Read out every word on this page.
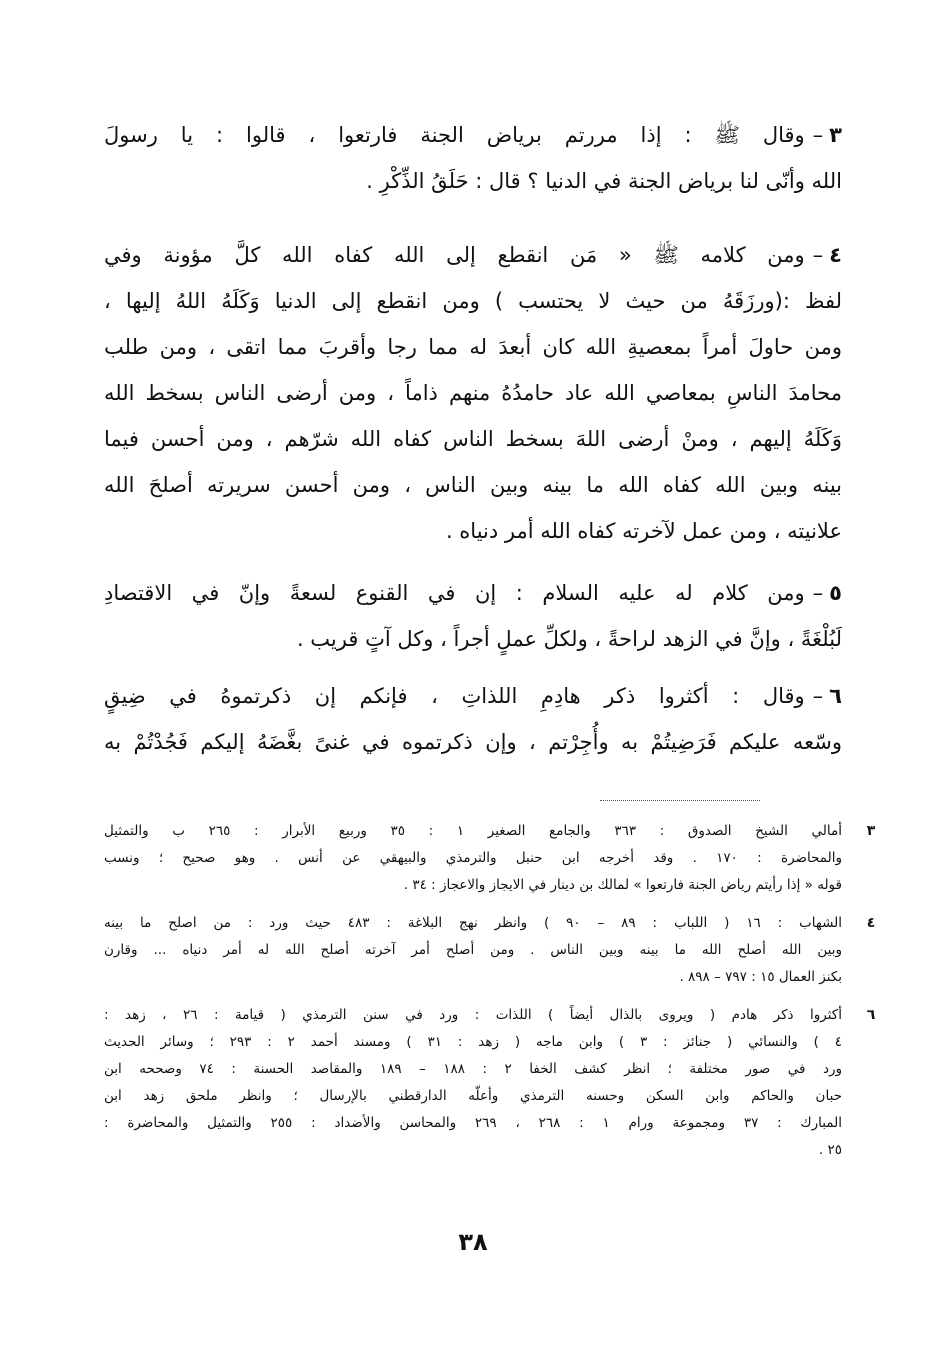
٣–وقال ﷺ : إذا مررتم برياض الجنة فارتعوا ، قالوا : يا رسولَ
الله وأنّى لنا برياض الجنة في الدنيا ؟ قال : حَلَقُ الذِّكْرِ .
٤–ومن كلامه ﷺ « مَن انقطع إلى الله كفاه الله كلَّ مؤونة وفي
لفظ :(ورزَقَهُ من حيث لا يحتسب ) ومن انقطع إلى الدنيا وَكَلَهُ اللهُ إليها ،
ومن حاولَ أمراً بمعصيةِ الله كان أبعدَ له مما رجا وأقربَ مما اتقى ، ومن طلب
محامدَ الناسِ بمعاصي الله عاد حامدُهُ منهم ذاماً ، ومن أرضى الناس بسخط الله
وَكَلَهُ إليهم ، ومنْ أرضى اللهَ بسخط الناس كفاه الله شرّهم ، ومن أحسن فيما
بينه وبين الله كفاه الله ما بينه وبين الناس ، ومن أحسن سريرته أصلحَ الله
علانيته ، ومن عمل لآخرته كفاه الله أمر دنياه .
٥–ومن كلام له عليه السلام : إن في القنوع لسعةً وإنّ في الاقتصادِ
لَبُلْغَةً ، وإنَّ في الزهد لراحةً ، ولكلِّ عملٍ أجراً ، وكل آتٍ قريب .
٦–وقال : أكثروا ذكر هادِمِ اللذاتِ ، فإنكم إن ذكرتموهُ في ضِيقٍ
وسّعه عليكم فَرَضِيتُمْ به وأُجِرْتم ، وإن ذكرتموه في غنىً بغَّضَهُ إليكم فَجُدْتُمْ به
٣
أمالي الشيخ الصدوق : ٣٦٣ والجامع الصغير ١ : ٣٥ وربيع الأبرار : ٢٦٥ ب والتمثيل
والمحاضرة : ١٧٠ . وقد أخرجه ابن حنبل والترمذي والبيهقي عن أنس . وهو صحيح ؛ ونسب
قوله « إذا رأيتم رياض الجنة فارتعوا » لمالك بن دينار في الايجاز والاعجاز : ٣٤ .
٤
الشهاب : ١٦ ( اللباب : ٨٩ – ٩٠ ) وانظر نهج البلاغة : ٤٨٣ حيث ورد : من اصلح ما بينه
وبين الله أصلح الله ما بينه وبين الناس . ومن أصلح أمر آخرته أصلح الله له أمر دنياه ... وقارن
بكنز العمال ١٥ : ٧٩٧ – ٨٩٨ .
٦
أكثروا ذكر هادم ( ويروى بالذال أيضاً ) اللذات : ورد في سنن الترمذي ( قيامة : ٢٦ ، زهد :
٤ ) والنسائي ( جنائز : ٣ ) وابن ماجه ( زهد : ٣١ ) ومسند أحمد ٢ : ٢٩٣ ؛ وسائر الحديث
ورد في صور مختلفة ؛ انظر كشف الخفا ٢ : ١٨٨ – ١٨٩ والمقاصد الحسنة : ٧٤ وصححه ابن
حبان والحاكم وابن السكن وحسنه الترمذي وأعلّه الدارقطني بالإرسال ؛ وانظر ملحق زهد ابن
المبارك : ٣٧ ومجموعة ورام ١ : ٢٦٨ ، ٢٦٩ والمحاسن والأضداد : ٢٥٥ والتمثيل والمحاضرة :
٢٥ .
٣٨
